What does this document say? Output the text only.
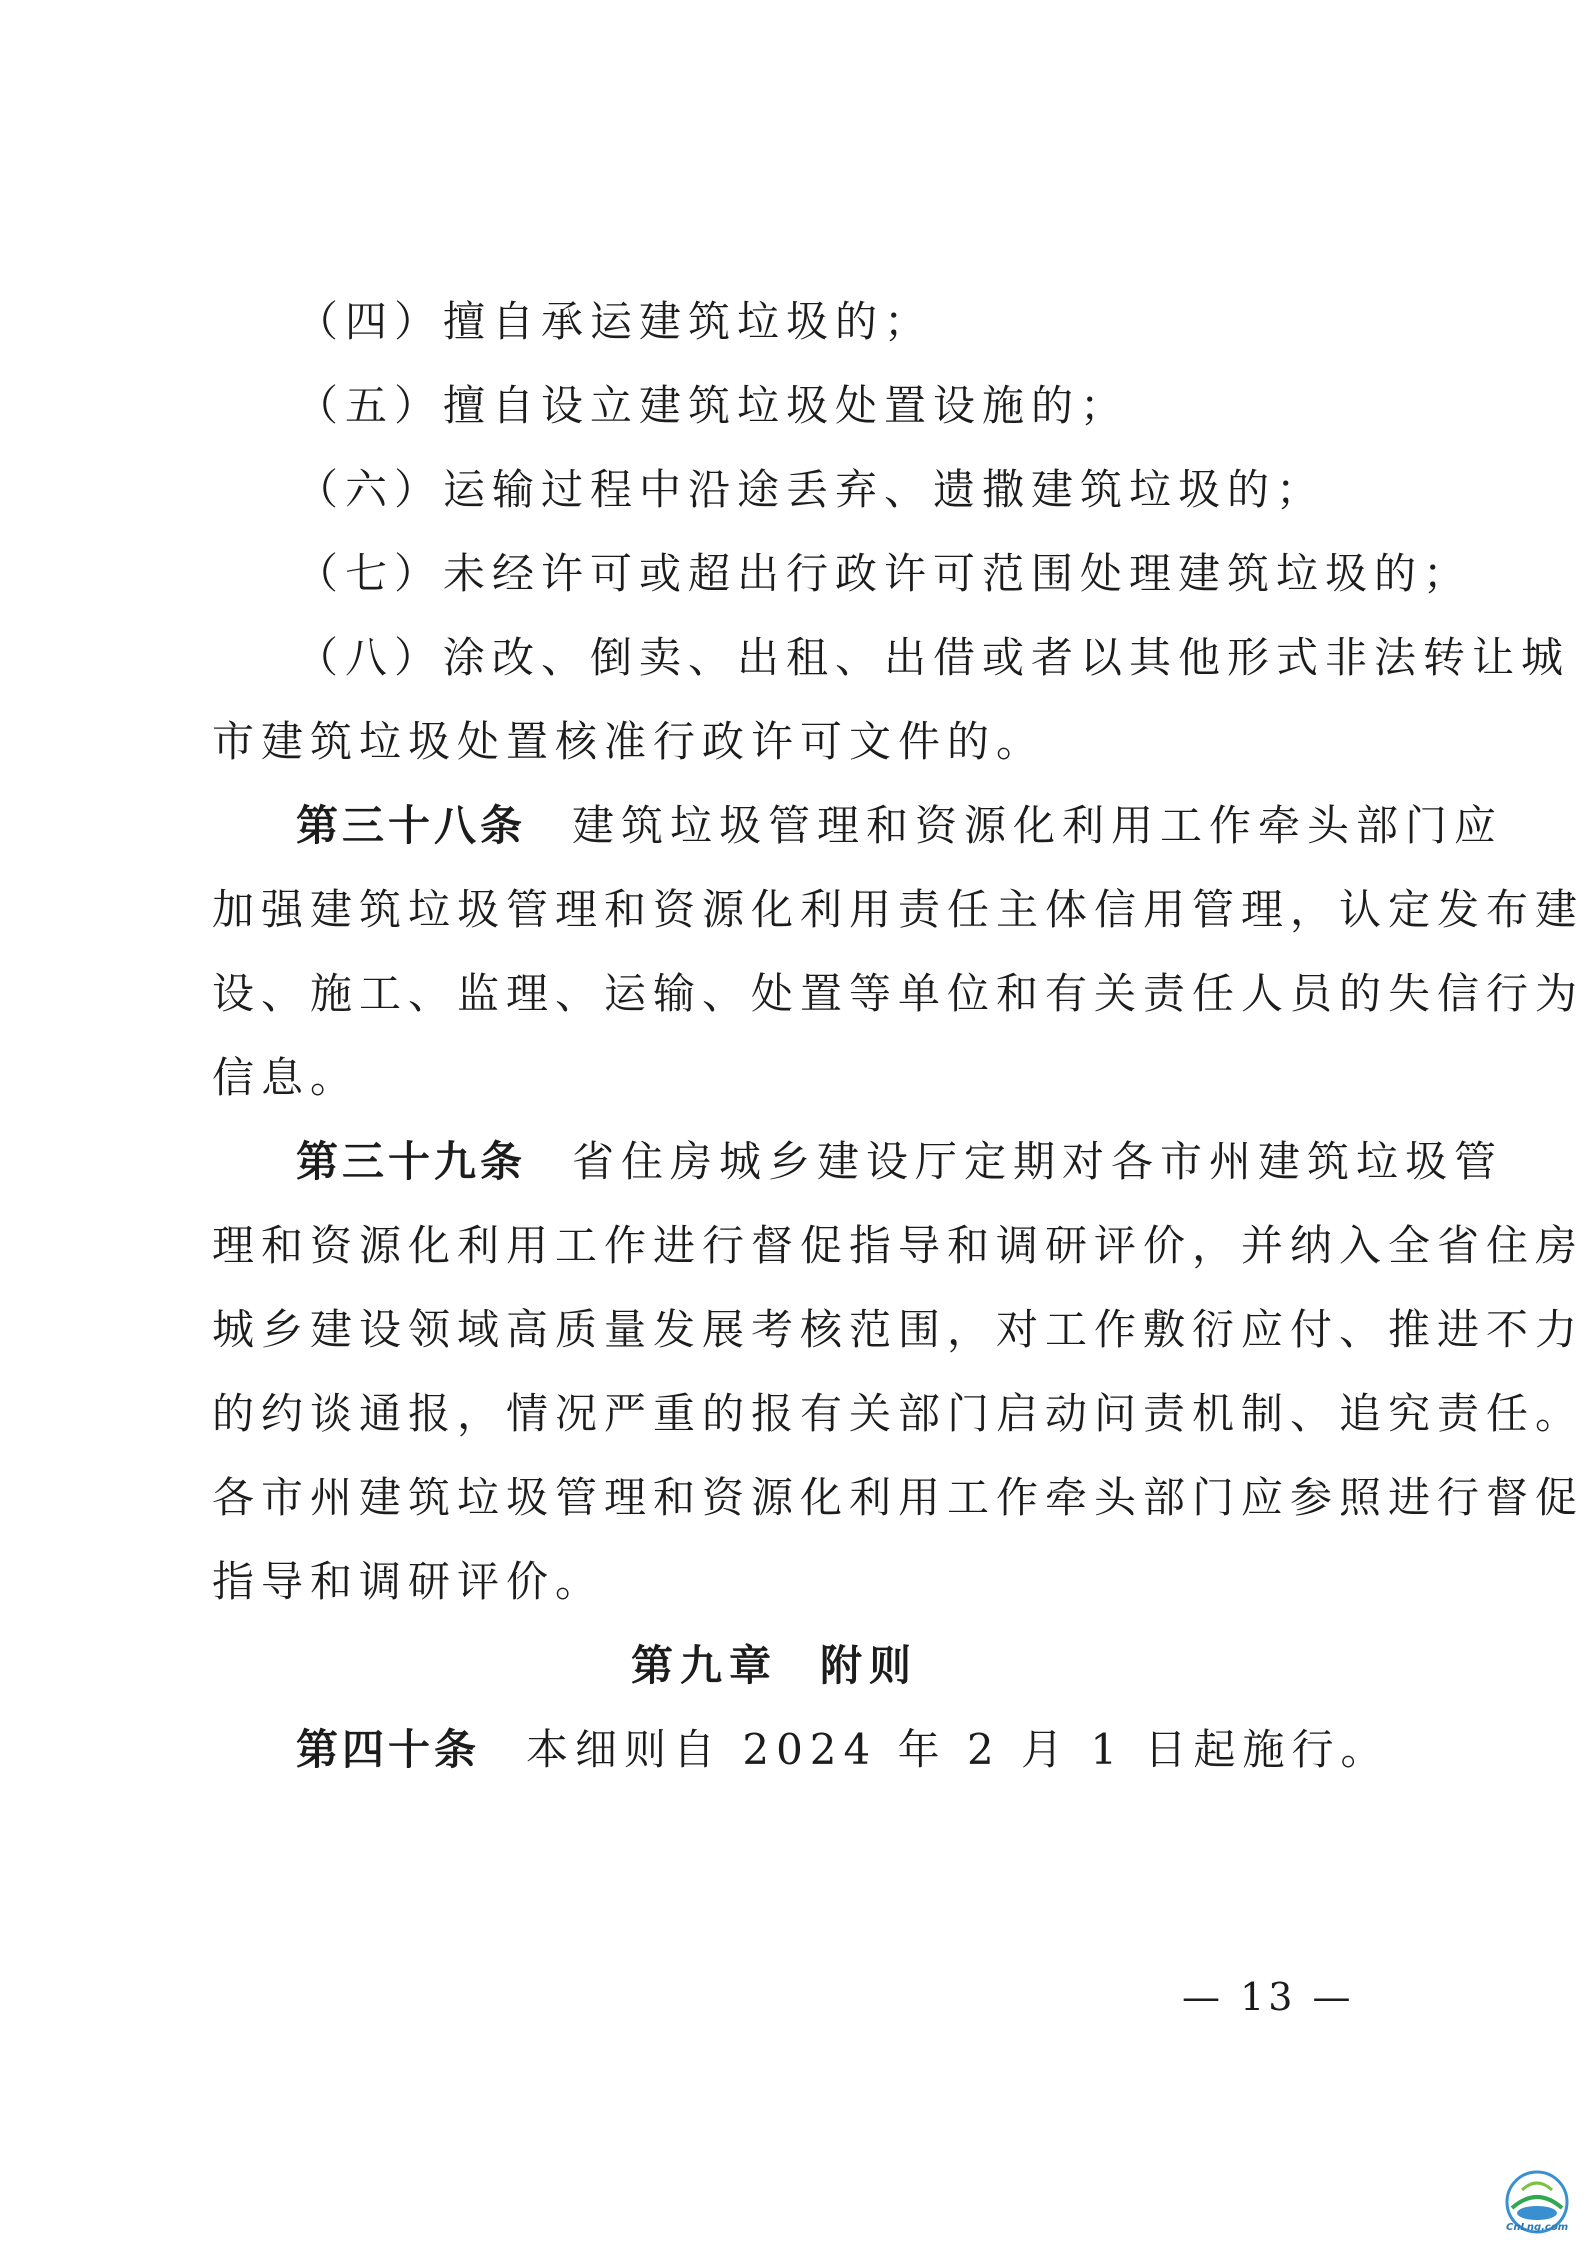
（四）擅自承运建筑垃圾的；
（五）擅自设立建筑垃圾处置设施的；
（六）运输过程中沿途丢弃、遗撒建筑垃圾的；
（七）未经许可或超出行政许可范围处理建筑垃圾的；
（八）涂改、倒卖、出租、出借或者以其他形式非法转让城
市建筑垃圾处置核准行政许可文件的。
第三十八条 建筑垃圾管理和资源化利用工作牵头部门应
加强建筑垃圾管理和资源化利用责任主体信用管理，认定发布建
设、施工、监理、运输、处置等单位和有关责任人员的失信行为
信息。
第三十九条 省住房城乡建设厅定期对各市州建筑垃圾管
理和资源化利用工作进行督促指导和调研评价，并纳入全省住房
城乡建设领域高质量发展考核范围，对工作敷衍应付、推进不力
的约谈通报，情况严重的报有关部门启动问责机制、追究责任。
各市州建筑垃圾管理和资源化利用工作牵头部门应参照进行督促
指导和调研评价。
第九章 附则
第四十条 本细则自 2024 年 2 月 1 日起施行。
— 13 —
CnLng.com
